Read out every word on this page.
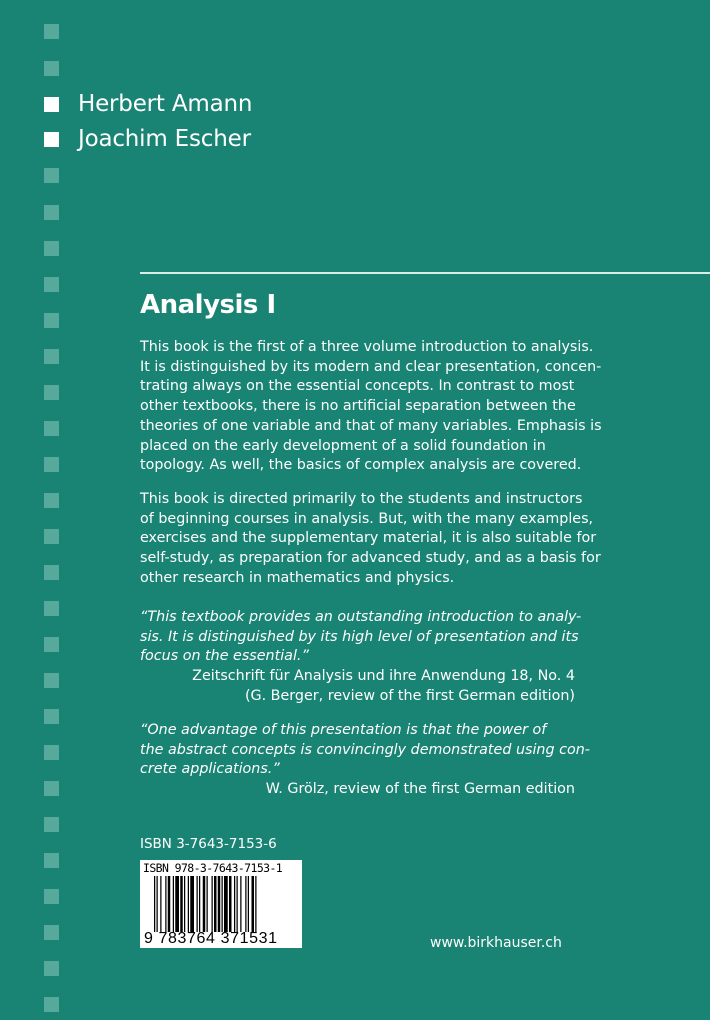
Herbert Amann
Joachim Escher
Analysis I
This book is the first of a three volume introduction to analysis.
It is distinguished by its modern and clear presentation, concen-
trating always on the essential concepts. In contrast to most
other textbooks, there is no artificial separation between the
theories of one variable and that of many variables. Emphasis is
placed on the early development of a solid foundation in
topology. As well, the basics of complex analysis are covered.
This book is directed primarily to the students and instructors
of beginning courses in analysis. But, with the many examples,
exercises and the supplementary material, it is also suitable for
self-study, as preparation for advanced study, and as a basis for
other research in mathematics and physics.
“This textbook provides an outstanding introduction to analy-
sis. It is distinguished by its high level of presentation and its
focus on the essential.”
Zeitschrift für Analysis und ihre Anwendung 18, No. 4
(G. Berger, review of the first German edition)
“One advantage of this presentation is that the power of
the abstract concepts is convincingly demonstrated using con-
crete applications.”
W. Grölz, review of the first German edition
ISBN 3-7643-7153-6
ISBN 978-3-7643-7153-1
9 783764 371531	www.birkhauser.ch
